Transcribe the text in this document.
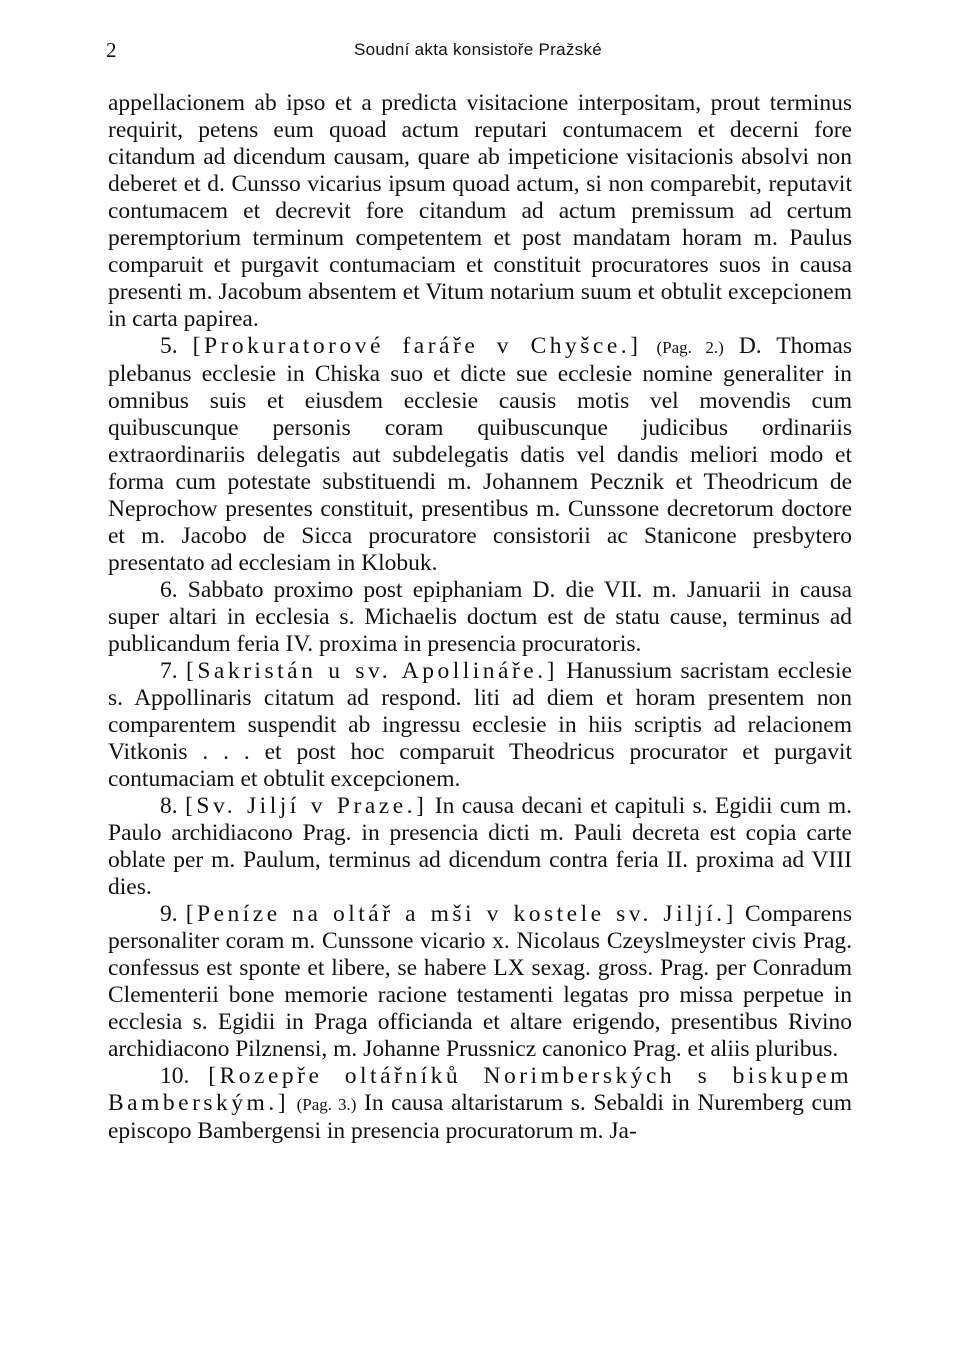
2	Soudní akta konsistoře Pražské

appellacionem ab ipso et a predicta visitacione interpositam, prout terminus requirit, petens eum quoad actum reputari contumacem et decerni fore citandum ad dicendum causam, quare ab impeticione visitacionis absolvi non deberet et d. Cunsso vicarius ipsum quoad actum, si non comparebit, reputavit contumacem et decrevit fore citandum ad actum premissum ad certum peremptorium terminum competentem et post mandatam horam m. Paulus comparuit et purgavit contumaciam et constituit procuratores suos in causa presenti m. Jacobum absentem et Vitum notarium suum et obtulit excepcionem in carta papirea.

5. [Prokuratorové faráře v Chyšce.] (Pag. 2.) D. Thomas plebanus ecclesie in Chiska suo et dicte sue ecclesie nomine generaliter in omnibus suis et eiusdem ecclesie causis motis vel movendis cum quibuscunque personis coram quibuscunque judicibus ordinariis extraordinariis delegatis aut subdelegatis datis vel dandis meliori modo et forma cum potestate substituendi m. Johannem Pecznik et Theodricum de Neprochow presentes constituit, presentibus m. Cunssone decretorum doctore et m. Jacobo de Sicca procuratore consistorii ac Stanicone presbytero presentato ad ecclesiam in Klobuk.

6. Sabbato proximo post epiphaniam D. die VII. m. Januarii in causa super altari in ecclesia s. Michaelis doctum est de statu cause, terminus ad publicandum feria IV. proxima in presencia procuratoris.

7. [Sakristán u sv. Apollináře.] Hanussium sacristam ecclesie s. Appollinaris citatum ad respond. liti ad diem et horam presentem non comparentem suspendit ab ingressu ecclesie in hiis scriptis ad relacionem Vitkonis . . . et post hoc comparuit Theodricus procurator et purgavit contumaciam et obtulit excepcionem.

8. [Sv. Jiljí v Praze.] In causa decani et capituli s. Egidii cum m. Paulo archidiacono Prag. in presencia dicti m. Pauli decreta est copia carte oblate per m. Paulum, terminus ad dicendum contra feria II. proxima ad VIII dies.

9. [Peníze na oltář a mši v kostele sv. Jiljí.] Comparens personaliter coram m. Cunssone vicario x. Nicolaus Czeyslmeyster civis Prag. confessus est sponte et libere, se habere LX sexag. gross. Prag. per Conradum Clementerii bone memorie racione testamenti legatas pro missa perpetue in ecclesia s. Egidii in Praga officianda et altare erigendo, presentibus Rivino archidiacono Pilznensi, m. Johanne Prussnicz canonico Prag. et aliis pluribus.

10. [Rozepře oltářníků Norimberských s biskupem Bamberským.] (Pag. 3.) In causa altaristarum s. Sebaldi in Nuremberg cum episcopo Bambergensi in presencia procuratorum m. Ja-
